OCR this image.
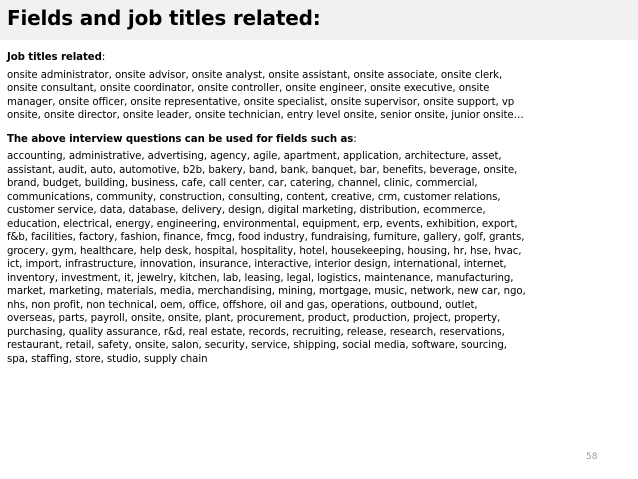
Fields and job titles related:

Job titles related:

onsite administrator, onsite advisor, onsite analyst, onsite assistant, onsite associate, onsite clerk,
onsite consultant, onsite coordinator, onsite controller, onsite engineer, onsite executive, onsite
manager, onsite officer, onsite representative, onsite specialist, onsite supervisor, onsite support, vp
onsite, onsite director, onsite leader, onsite technician, entry level onsite, senior onsite, junior onsite…

The above interview questions can be used for fields such as:

accounting, administrative, advertising, agency, agile, apartment, application, architecture, asset,
assistant, audit, auto, automotive, b2b, bakery, band, bank, banquet, bar, benefits, beverage, onsite,
brand, budget, building, business, cafe, call center, car, catering, channel, clinic, commercial,
communications, community, construction, consulting, content, creative, crm, customer relations,
customer service, data, database, delivery, design, digital marketing, distribution, ecommerce,
education, electrical, energy, engineering, environmental, equipment, erp, events, exhibition, export,
f&b, facilities, factory, fashion, finance, fmcg, food industry, fundraising, furniture, gallery, golf, grants,
grocery, gym, healthcare, help desk, hospital, hospitality, hotel, housekeeping, housing, hr, hse, hvac,
ict, import, infrastructure, innovation, insurance, interactive, interior design, international, internet,
inventory, investment, it, jewelry, kitchen, lab, leasing, legal, logistics, maintenance, manufacturing,
market, marketing, materials, media, merchandising, mining, mortgage, music, network, new car, ngo,
nhs, non profit, non technical, oem, office, offshore, oil and gas, operations, outbound, outlet,
overseas, parts, payroll, onsite, onsite, plant, procurement, product, production, project, property,
purchasing, quality assurance, r&d, real estate, records, recruiting, release, research, reservations,
restaurant, retail, safety, onsite, salon, security, service, shipping, social media, software, sourcing,
spa, staffing, store, studio, supply chain

58
